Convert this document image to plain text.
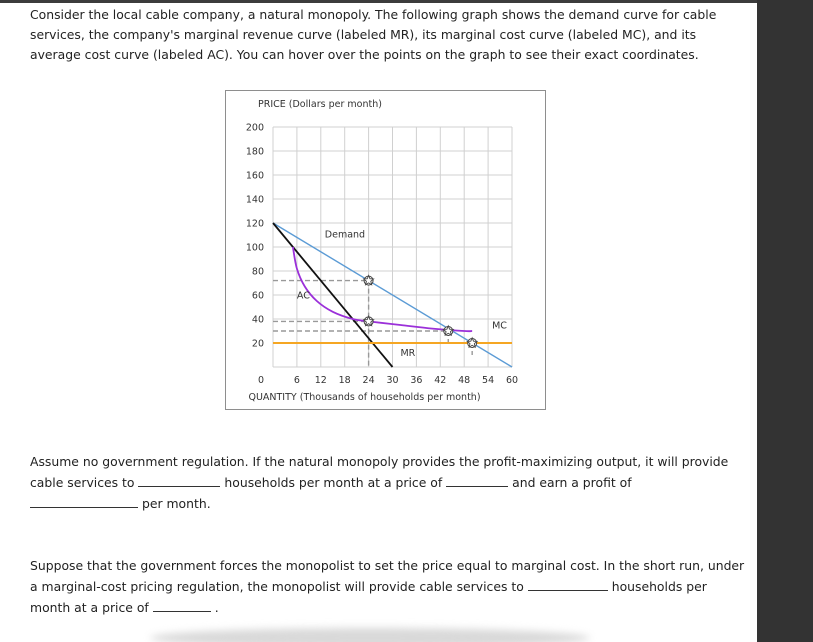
Consider the local cable company, a natural monopoly. The following graph shows the demand curve for cable services, the company's marginal revenue curve (labeled MR), its marginal cost curve (labeled MC), and its average cost curve (labeled AC). You can hover over the points on the graph to see their exact coordinates.
20
40
60
80
100
120
140
160
180
200
6 12 18 24 30 36 42 48 54 60
0
PRICE (Dollars per month)
QUANTITY (Thousands of households per month)
Demand
AC
MR
MC
Assume no government regulation. If the natural monopoly provides the profit-maximizing output, it will provide cable services to	households per month at a price of	and earn a profit of
per month.
Suppose that the government forces the monopolist to set the price equal to marginal cost. In the short run, under a marginal-cost pricing regulation, the monopolist will provide cable services to	households per month at a price of	.
